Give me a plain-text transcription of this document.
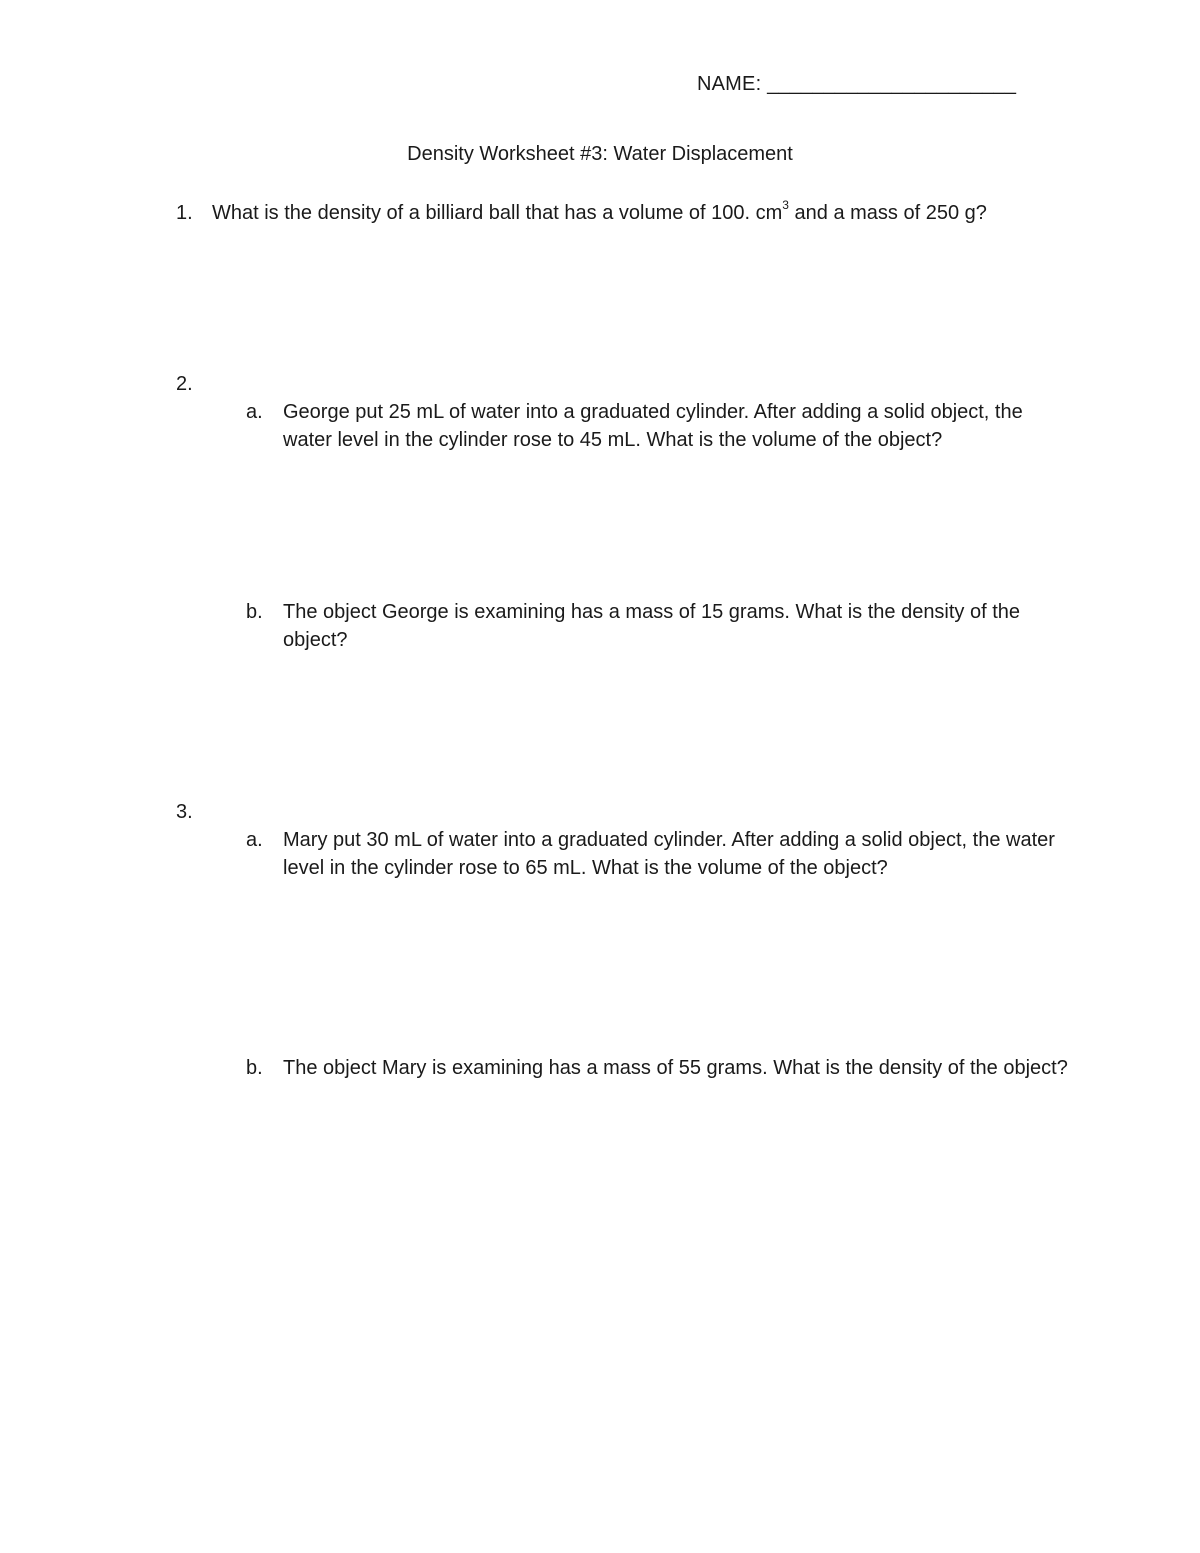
NAME: ______________________
Density Worksheet #3: Water Displacement
1. What is the density of a billiard ball that has a volume of 100. $cm^3$ and a mass of 250 g?
2.
a. George put 25 mL of water into a graduated cylinder. After adding a solid object, the water level in the cylinder rose to 45 mL. What is the volume of the object?
b. The object George is examining has a mass of 15 grams. What is the density of the object?
3.
a. Mary put 30 mL of water into a graduated cylinder. After adding a solid object, the water level in the cylinder rose to 65 mL. What is the volume of the object?
b. The object Mary is examining has a mass of 55 grams. What is the density of the object?
